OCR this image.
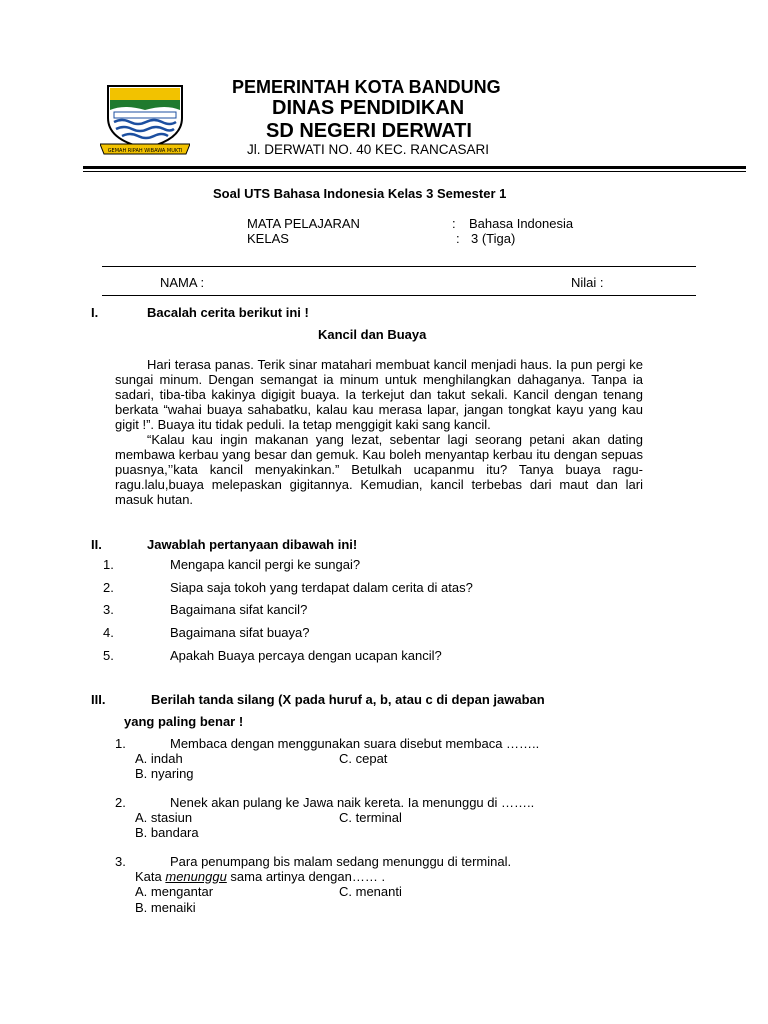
GEMAH RIPAH WIBAWA MUKTI
PEMERINTAH KOTA BANDUNG
DINAS PENDIDIKAN
SD NEGERI DERWATI
Jl. DERWATI NO. 40 KEC. RANCASARI
Soal UTS Bahasa Indonesia Kelas 3 Semester 1
MATA PELAJARAN	: Bahasa Indonesia
KELAS	: 3 (Tiga)
NAMA :	Nilai :
I.	Bacalah cerita berikut ini !
Kancil dan Buaya

Hari terasa panas. Terik sinar matahari membuat kancil menjadi haus. Ia pun pergi ke sungai minum. Dengan semangat ia minum untuk menghilangkan dahaganya. Tanpa ia sadari, tiba-tiba kakinya digigit buaya. Ia terkejut dan takut sekali. Kancil dengan tenang berkata “wahai buaya sahabatku, kalau kau merasa lapar, jangan tongkat kayu yang kau gigit !”. Buaya itu tidak peduli. Ia tetap menggigit kaki sang kancil.

“Kalau kau ingin makanan yang lezat, sebentar lagi seorang petani akan dating membawa kerbau yang besar dan gemuk. Kau boleh menyantap kerbau itu dengan sepuas puasnya,’’kata kancil menyakinkan.” Betulkah ucapanmu itu? Tanya buaya ragu-ragu.lalu,buaya melepaskan gigitannya. Kemudian, kancil terbebas dari maut dan lari masuk hutan.

II.	Jawablah pertanyaan dibawah ini!
1.	Mengapa kancil pergi ke sungai?
2.	Siapa saja tokoh yang terdapat dalam cerita di atas?
3.	Bagaimana sifat kancil?
4.	Bagaimana sifat buaya?
5.	Apakah Buaya percaya dengan ucapan kancil?
III.	Berilah tanda silang (X pada huruf a, b, atau c di depan jawaban
yang paling benar !
1.	Membaca dengan menggunakan suara disebut membaca ……..
A. indah	C. cepat
B. nyaring
2.	Nenek akan pulang ke Jawa naik kereta. Ia menunggu di ……..
A. stasiun	C. terminal
B. bandara
3.	Para penumpang bis malam sedang menunggu di terminal.
Kata menunggu sama artinya dengan…… .
A. mengantar	C. menanti
B. menaiki
